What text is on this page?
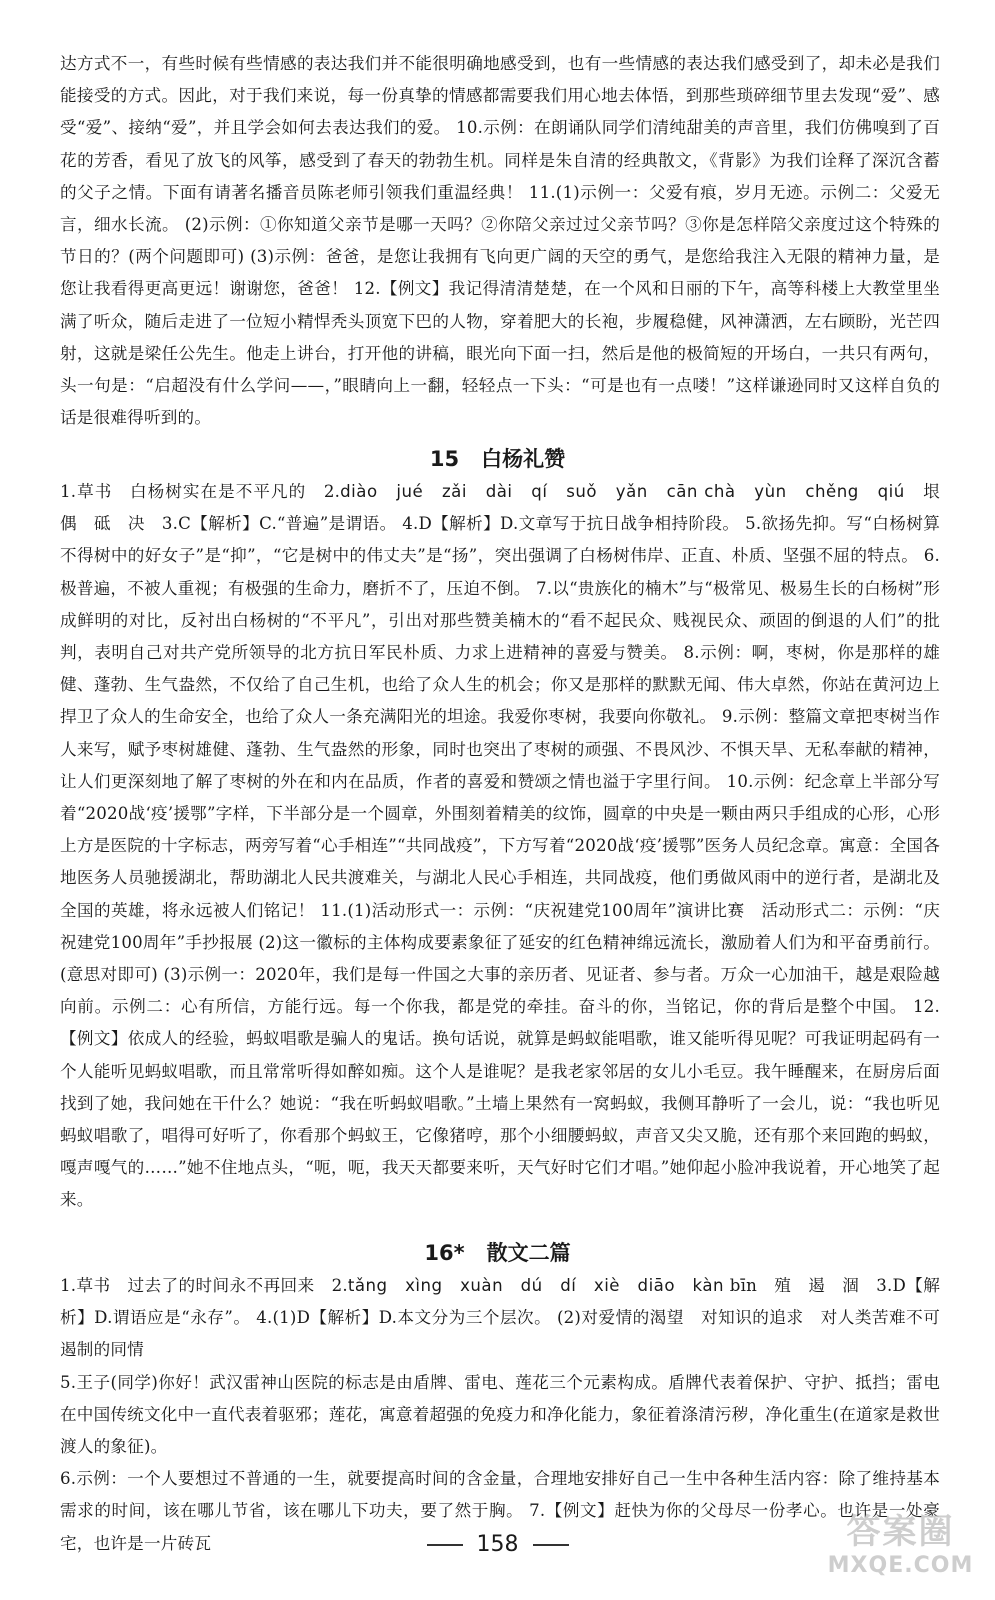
达方式不一，有些时候有些情感的表达我们并不能很明确地感受到，也有一些情感的表达我们感受到了，却未必是我们能接受的方式。因此，对于我们来说，每一份真挚的情感都需要我们用心地去体悟，到那些琐碎细节里去发现“爱”、感受“爱”、接纳“爱”，并且学会如何去表达我们的爱。 10.示例：在朗诵队同学们清纯甜美的声音里，我们仿佛嗅到了百花的芳香，看见了放飞的风筝，感受到了春天的勃勃生机。同样是朱自清的经典散文，《背影》为我们诠释了深沉含蓄的父子之情。下面有请著名播音员陈老师引领我们重温经典！ 11.(1)示例一：父爱有痕，岁月无迹。示例二：父爱无言，细水长流。 (2)示例：①你知道父亲节是哪一天吗？②你陪父亲过过父亲节吗？③你是怎样陪父亲度过这个特殊的节日的？(两个问题即可) (3)示例：爸爸，是您让我拥有飞向更广阔的天空的勇气，是您给我注入无限的精神力量，是您让我看得更高更远！谢谢您，爸爸！ 12.【例文】我记得清清楚楚，在一个风和日丽的下午，高等科楼上大教堂里坐满了听众，随后走进了一位短小精悍秃头顶宽下巴的人物，穿着肥大的长袍，步履稳健，风神潇洒，左右顾盼，光芒四射，这就是梁任公先生。他走上讲台，打开他的讲稿，眼光向下面一扫，然后是他的极简短的开场白，一共只有两句，头一句是：“启超没有什么学问——，”眼睛向上一翻，轻轻点一下头：“可是也有一点喽！”这样谦逊同时又这样自负的话是很难得听到的。

15 白杨礼赞

1.草书　白杨树实在是不平凡的　2.diào　jué　zǎi　dài　qí　suǒ　yǎn　cān chà　yùn　chěng　qiú　垠　偶　砥　决　3.C【解析】C.“普遍”是谓语。 4.D【解析】D.文章写于抗日战争相持阶段。 5.欲扬先抑。写“白杨树算不得树中的好女子”是“抑”，“它是树中的伟丈夫”是“扬”，突出强调了白杨树伟岸、正直、朴质、坚强不屈的特点。 6.极普遍，不被人重视；有极强的生命力，磨折不了，压迫不倒。 7.以“贵族化的楠木”与“极常见、极易生长的白杨树”形成鲜明的对比，反衬出白杨树的“不平凡”，引出对那些赞美楠木的“看不起民众、贱视民众、顽固的倒退的人们”的批判，表明自己对共产党所领导的北方抗日军民朴质、力求上进精神的喜爱与赞美。 8.示例：啊，枣树，你是那样的雄健、蓬勃、生气盎然，不仅给了自己生机，也给了众人生的机会；你又是那样的默默无闻、伟大卓然，你站在黄河边上捍卫了众人的生命安全，也给了众人一条充满阳光的坦途。我爱你枣树，我要向你敬礼。 9.示例：整篇文章把枣树当作人来写，赋予枣树雄健、蓬勃、生气盎然的形象，同时也突出了枣树的顽强、不畏风沙、不惧天旱、无私奉献的精神，让人们更深刻地了解了枣树的外在和内在品质，作者的喜爱和赞颂之情也溢于字里行间。 10.示例：纪念章上半部分写着“2020战‘疫’援鄂”字样，下半部分是一个圆章，外围刻着精美的纹饰，圆章的中央是一颗由两只手组成的心形，心形上方是医院的十字标志，两旁写着“心手相连”“共同战疫”，下方写着“2020战‘疫’援鄂”医务人员纪念章。寓意：全国各地医务人员驰援湖北，帮助湖北人民共渡难关，与湖北人民心手相连，共同战疫，他们勇做风雨中的逆行者，是湖北及全国的英雄，将永远被人们铭记！ 11.(1)活动形式一：示例：“庆祝建党100周年”演讲比赛　活动形式二：示例：“庆祝建党100周年”手抄报展 (2)这一徽标的主体构成要素象征了延安的红色精神绵远流长，激励着人们为和平奋勇前行。(意思对即可) (3)示例一：2020年，我们是每一件国之大事的亲历者、见证者、参与者。万众一心加油干，越是艰险越向前。示例二：心有所信，方能行远。每一个你我，都是党的牵挂。奋斗的你，当铭记，你的背后是整个中国。 12.【例文】依成人的经验，蚂蚁唱歌是骗人的鬼话。换句话说，就算是蚂蚁能唱歌，谁又能听得见呢？可我证明起码有一个人能听见蚂蚁唱歌，而且常常听得如醉如痴。这个人是谁呢？是我老家邻居的女儿小毛豆。我午睡醒来，在厨房后面找到了她，我问她在干什么？她说：“我在听蚂蚁唱歌。”土墙上果然有一窝蚂蚁，我侧耳静听了一会儿，说：“我也听见蚂蚁唱歌了，唱得可好听了，你看那个蚂蚁王，它像猪哼，那个小细腰蚂蚁，声音又尖又脆，还有那个来回跑的蚂蚁，嘎声嘎气的……”她不住地点头，“呃，呃，我天天都要来听，天气好时它们才唱。”她仰起小脸冲我说着，开心地笑了起来。

16* 散文二篇

1.草书　过去了的时间永不再回来　2.tǎng　xìng　xuàn　dú　dí　xiè　diāo　kàn bīn　殖　遏　涸　3.D【解析】D.谓语应是“永存”。 4.(1)D【解析】D.本文分为三个层次。 (2)对爱情的渴望　对知识的追求　对人类苦难不可遏制的同情

5.王子(同学)你好！武汉雷神山医院的标志是由盾牌、雷电、莲花三个元素构成。盾牌代表着保护、守护、抵挡；雷电在中国传统文化中一直代表着驱邪；莲花，寓意着超强的免疫力和净化能力，象征着涤清污秽，净化重生(在道家是救世渡人的象征)。

6.示例：一个人要想过不普通的一生，就要提高时间的含金量，合理地安排好自己一生中各种生活内容：除了维持基本需求的时间，该在哪儿节省，该在哪儿下功夫，要了然于胸。 7.【例文】赶快为你的父母尽一份孝心。也许是一处豪宅，也许是一片砖瓦	158	答案圈
MXQE.COM
